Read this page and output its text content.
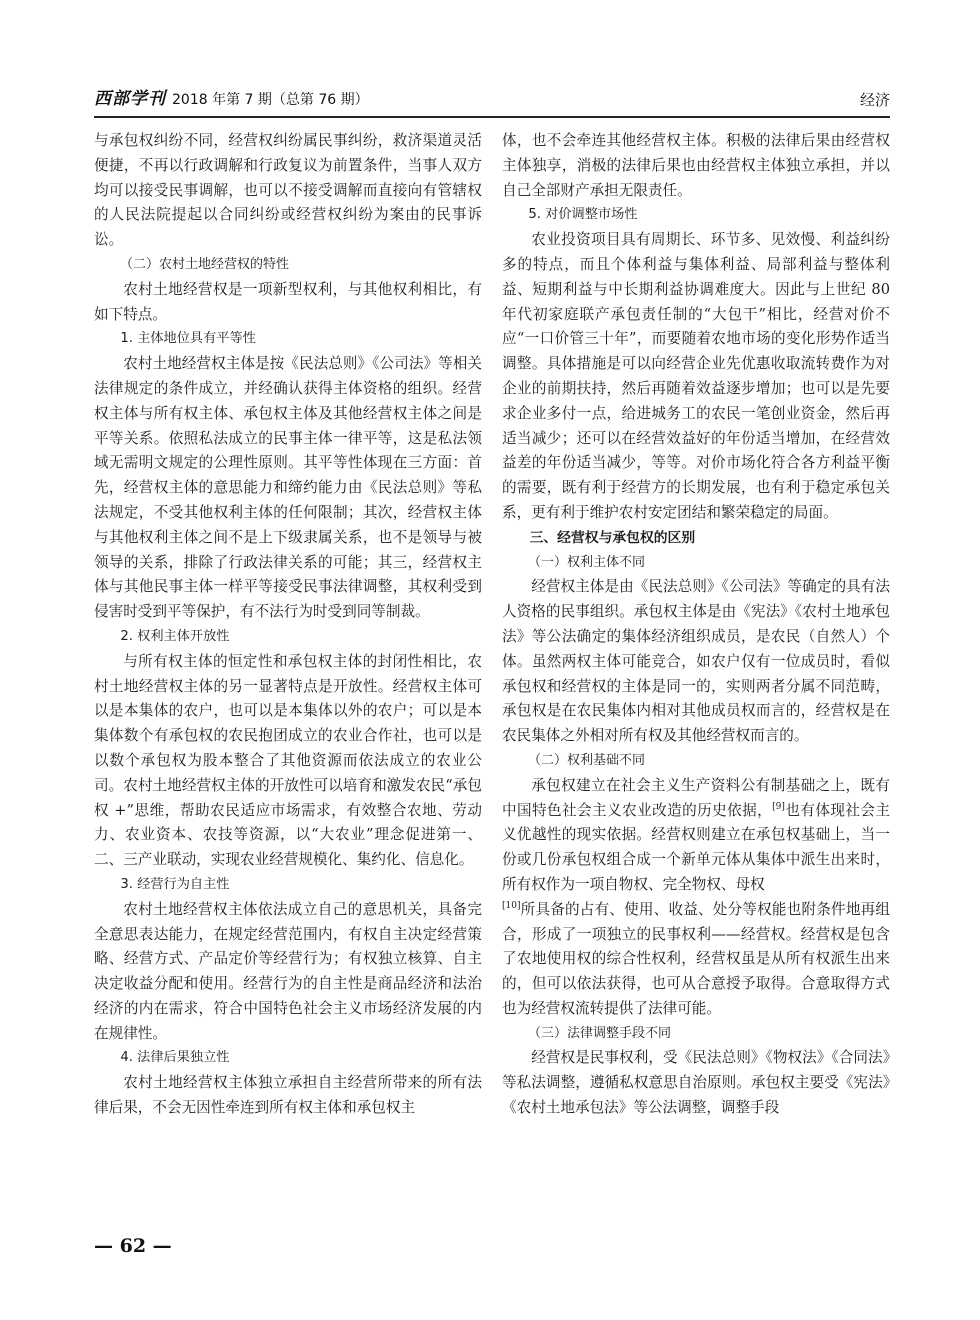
西部学刊 2018 年第 7 期（总第 76 期）	经济

与承包权纠纷不同，经营权纠纷属民事纠纷，救济渠道灵活便捷，不再以行政调解和行政复议为前置条件，当事人双方均可以接受民事调解，也可以不接受调解而直接向有管辖权的人民法院提起以合同纠纷或经营权纠纷为案由的民事诉讼。

（二）农村土地经营权的特性

农村土地经营权是一项新型权利，与其他权利相比，有如下特点。

1. 主体地位具有平等性

农村土地经营权主体是按《民法总则》《公司法》等相关法律规定的条件成立，并经确认获得主体资格的组织。经营权主体与所有权主体、承包权主体及其他经营权主体之间是平等关系。依照私法成立的民事主体一律平等，这是私法领域无需明文规定的公理性原则。其平等性体现在三方面：首先，经营权主体的意思能力和缔约能力由《民法总则》等私法规定，不受其他权利主体的任何限制；其次，经营权主体与其他权利主体之间不是上下级隶属关系，也不是领导与被领导的关系，排除了行政法律关系的可能；其三，经营权主体与其他民事主体一样平等接受民事法律调整，其权利受到侵害时受到平等保护，有不法行为时受到同等制裁。

2. 权利主体开放性

与所有权主体的恒定性和承包权主体的封闭性相比，农村土地经营权主体的另一显著特点是开放性。经营权主体可以是本集体的农户，也可以是本集体以外的农户；可以是本集体数个有承包权的农民抱团成立的农业合作社，也可以是以数个承包权为股本整合了其他资源而依法成立的农业公司。农村土地经营权主体的开放性可以培育和激发农民“承包权 +”思维，帮助农民适应市场需求，有效整合农地、劳动力、农业资本、农技等资源，以“大农业”理念促进第一、二、三产业联动，实现农业经营规模化、集约化、信息化。

3. 经营行为自主性

农村土地经营权主体依法成立自己的意思机关，具备完全意思表达能力，在规定经营范围内，有权自主决定经营策略、经营方式、产品定价等经营行为；有权独立核算、自主决定收益分配和使用。经营行为的自主性是商品经济和法治经济的内在需求，符合中国特色社会主义市场经济发展的内在规律性。

4. 法律后果独立性

农村土地经营权主体独立承担自主经营所带来的所有法律后果，不会无因性牵连到所有权主体和承包权主

体，也不会牵连其他经营权主体。积极的法律后果由经营权主体独享，消极的法律后果也由经营权主体独立承担，并以自己全部财产承担无限责任。

5. 对价调整市场性

农业投资项目具有周期长、环节多、见效慢、利益纠纷多的特点，而且个体利益与集体利益、局部利益与整体利益、短期利益与中长期利益协调难度大。因此与上世纪 80 年代初家庭联产承包责任制的“大包干”相比，经营对价不应“一口价管三十年”，而要随着农地市场的变化形势作适当调整。具体措施是可以向经营企业先优惠收取流转费作为对企业的前期扶持，然后再随着效益逐步增加；也可以是先要求企业多付一点，给进城务工的农民一笔创业资金，然后再适当减少；还可以在经营效益好的年份适当增加，在经营效益差的年份适当减少，等等。对价市场化符合各方利益平衡的需要，既有利于经营方的长期发展，也有利于稳定承包关系，更有利于维护农村安定团结和繁荣稳定的局面。

三、经营权与承包权的区别

（一）权利主体不同

经营权主体是由《民法总则》《公司法》等确定的具有法人资格的民事组织。承包权主体是由《宪法》《农村土地承包法》等公法确定的集体经济组织成员，是农民（自然人）个体。虽然两权主体可能竞合，如农户仅有一位成员时，看似承包权和经营权的主体是同一的，实则两者分属不同范畴，承包权是在农民集体内相对其他成员权而言的，经营权是在农民集体之外相对所有权及其他经营权而言的。

（二）权利基础不同

承包权建立在社会主义生产资料公有制基础之上，既有中国特色社会主义农业改造的历史依据，[9]也有体现社会主义优越性的现实依据。经营权则建立在承包权基础上，当一份或几份承包权组合成一个新单元体从集体中派生出来时，所有权作为一项自物权、完全物权、母权

[10]所具备的占有、使用、收益、处分等权能也附条件地再组合，形成了一项独立的民事权利——经营权。经营权是包含了农地使用权的综合性权利，经营权虽是从所有权派生出来的，但可以依法获得，也可从合意授予取得。合意取得方式也为经营权流转提供了法律可能。

（三）法律调整手段不同

经营权是民事权利，受《民法总则》《物权法》《合同法》等私法调整，遵循私权意思自治原则。承包权主要受《宪法》《农村土地承包法》等公法调整，调整手段

— 62 —
